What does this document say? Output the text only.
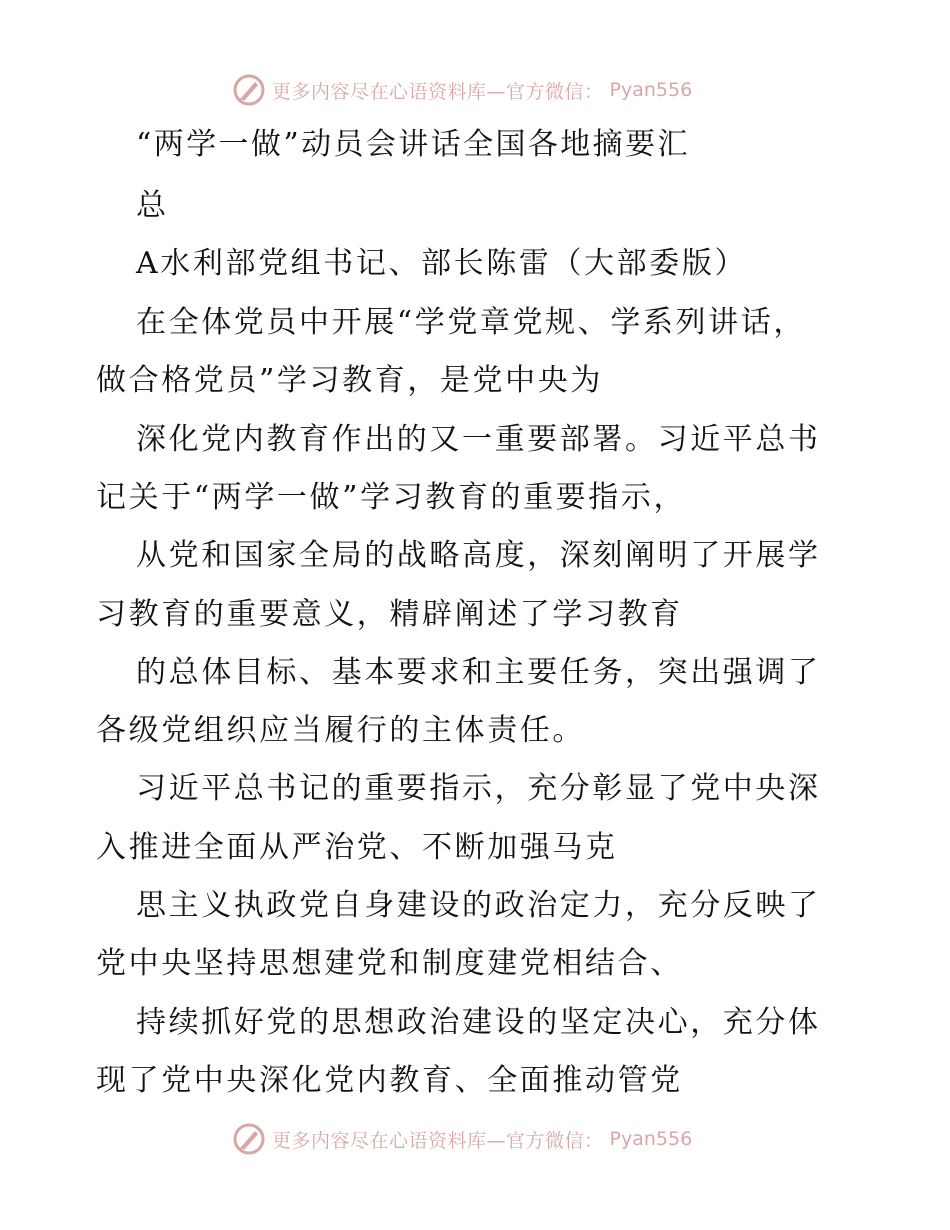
更多内容尽在心语资料库—官方微信： Pyan556

“两学一做”动员会讲话全国各地摘要汇

总

A水利部党组书记、部长陈雷（大部委版）

在全体党员中开展“学党章党规、学系列讲话，

做合格党员”学习教育，是党中央为

深化党内教育作出的又一重要部署。习近平总书

记关于“两学一做”学习教育的重要指示，

从党和国家全局的战略高度，深刻阐明了开展学

习教育的重要意义，精辟阐述了学习教育

的总体目标、基本要求和主要任务，突出强调了

各级党组织应当履行的主体责任。

习近平总书记的重要指示，充分彰显了党中央深

入推进全面从严治党、不断加强马克

思主义执政党自身建设的政治定力，充分反映了

党中央坚持思想建党和制度建党相结合、

持续抓好党的思想政治建设的坚定决心，充分体

现了党中央深化党内教育、全面推动管党

更多内容尽在心语资料库—官方微信： Pyan556
